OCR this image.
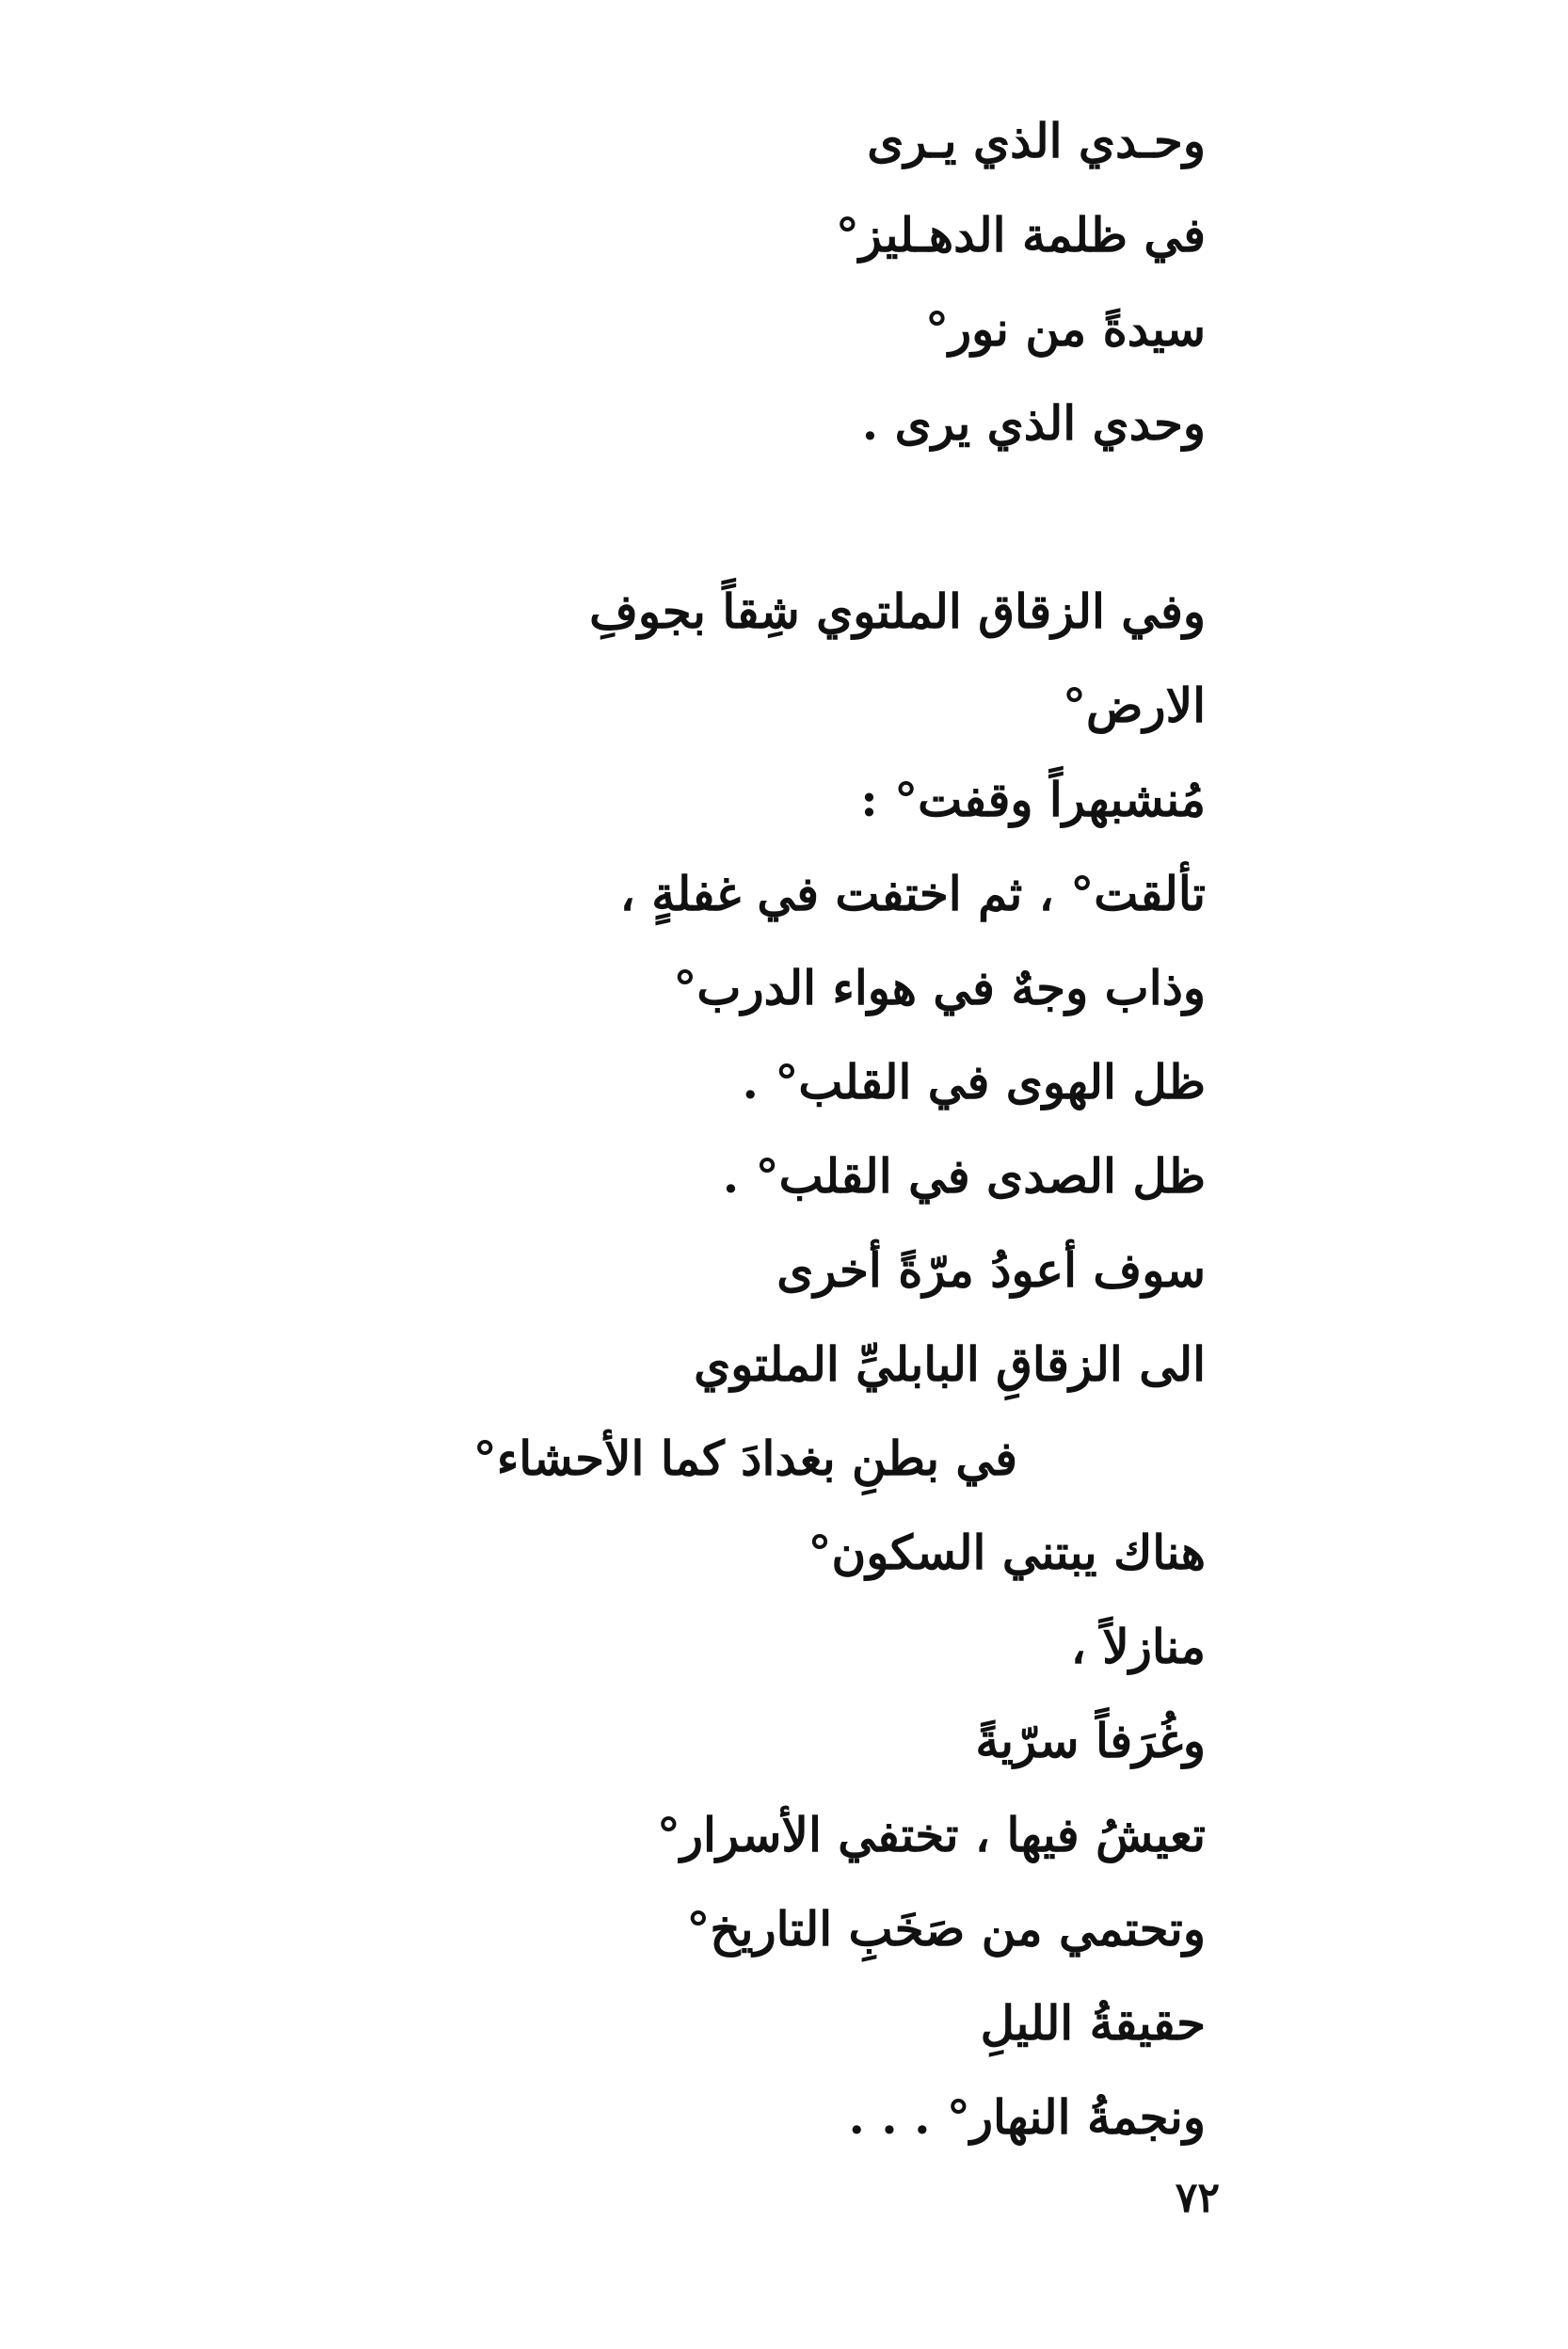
وحـدي الذي يـرى
في ظلمة الدهـليز°
سيدةً من نور°
وحدي الذي يرى .
وفي الزقاق الملتوي شِقاً بجوفِ
الارض°
مُنشبهراً وقفت° :
تألقت° ، ثم اختفت في غفلةٍ ،
وذاب وجهٌ في هواء الدرب°
ظل الهوى في القلب° .
ظل الصدى في القلب° .
سوف أعودُ مرّةً أخرى
الى الزقاقِ البابليِّ الملتوي
في بطنِ بغدادَ كما الأحشاء°
هناك يبتني السكون°
منازلاً ،
وغُرَفاً سرّيةً
تعيشُ فيها ، تختفي الأسرار°
وتحتمي من صَخَبِ التاريخ°
حقيقةُ الليلِ
ونجمةُ النهار° . . .
٧٢
